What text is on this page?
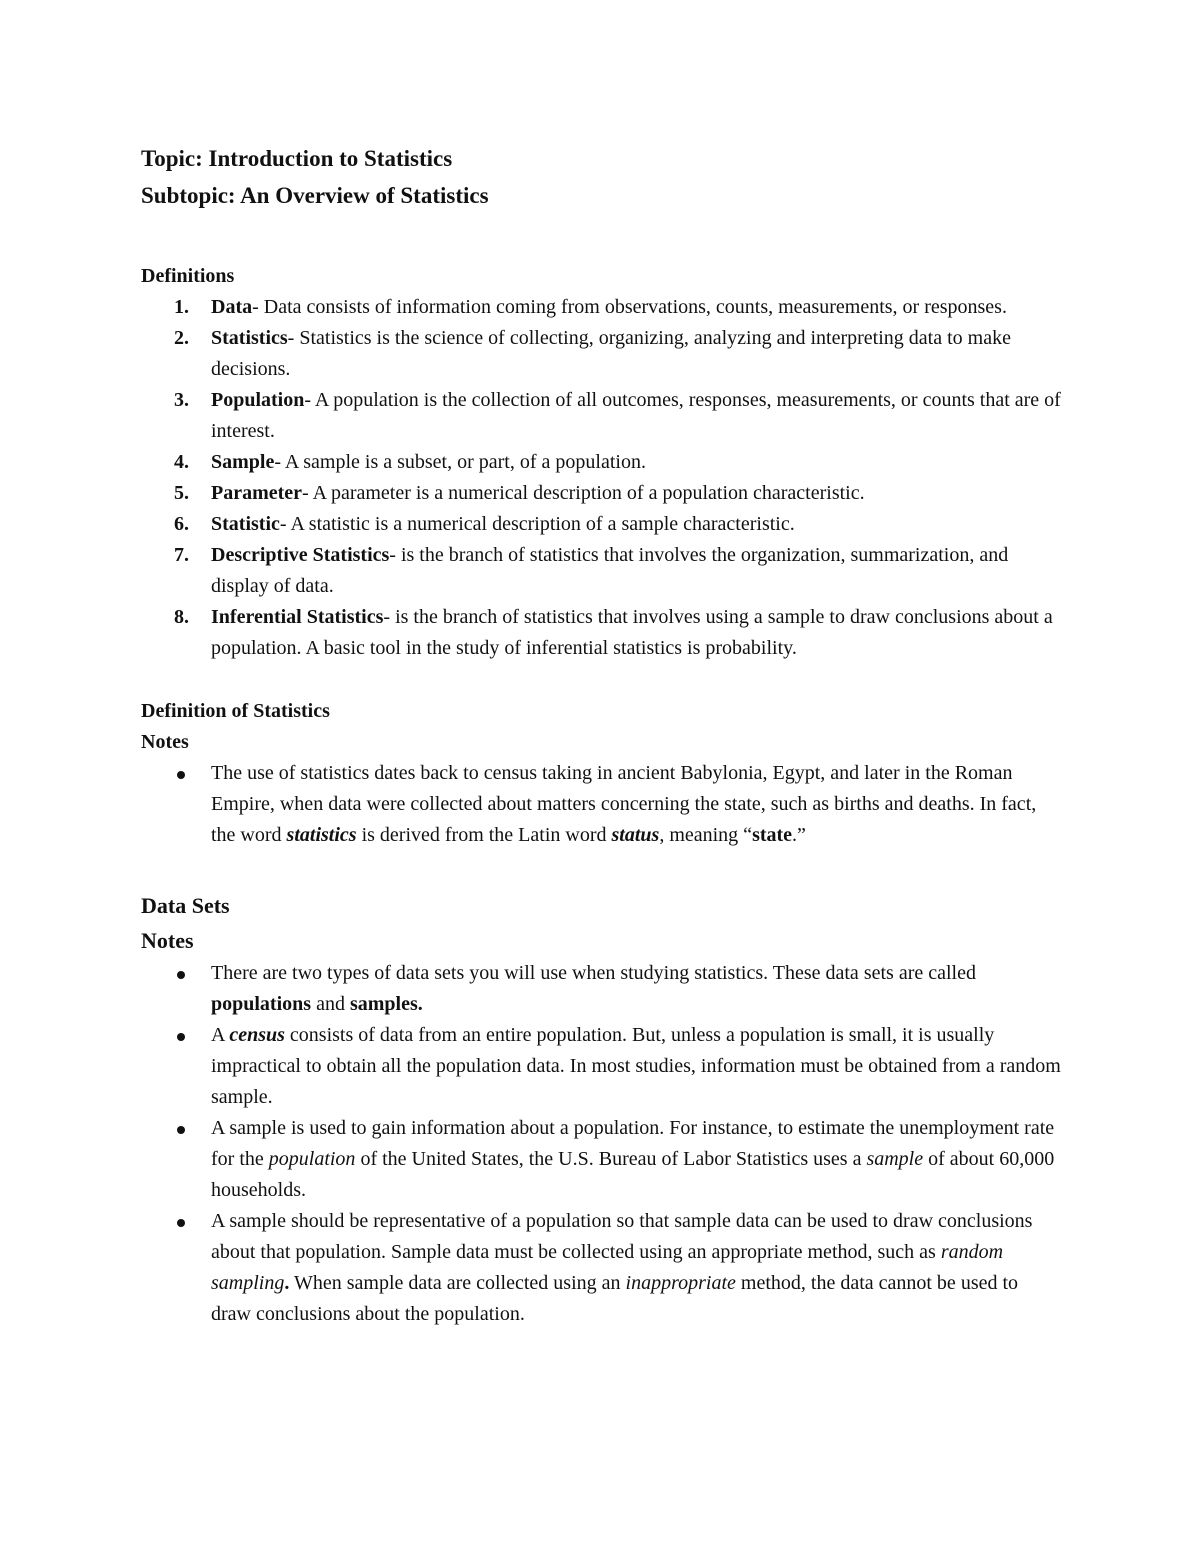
Topic: Introduction to Statistics

Subtopic: An Overview of Statistics

Definitions

1. Data- Data consists of information coming from observations, counts, measurements, or responses.
2. Statistics- Statistics is the science of collecting, organizing, analyzing and interpreting data to make decisions.
3. Population- A population is the collection of all outcomes, responses, measurements, or counts that are of interest.
4. Sample- A sample is a subset, or part, of a population.
5. Parameter- A parameter is a numerical description of a population characteristic.
6. Statistic- A statistic is a numerical description of a sample characteristic.
7. Descriptive Statistics- is the branch of statistics that involves the organization, summarization, and display of data.
8. Inferential Statistics- is the branch of statistics that involves using a sample to draw conclusions about a population. A basic tool in the study of inferential statistics is probability.

Definition of Statistics

Notes

The use of statistics dates back to census taking in ancient Babylonia, Egypt, and later in the Roman Empire, when data were collected about matters concerning the state, such as births and deaths. In fact, the word statistics is derived from the Latin word status, meaning “state.”

Data Sets

Notes

There are two types of data sets you will use when studying statistics. These data sets are called populations and samples.
A census consists of data from an entire population. But, unless a population is small, it is usually impractical to obtain all the population data. In most studies, information must be obtained from a random sample.
A sample is used to gain information about a population. For instance, to estimate the unemployment rate for the population of the United States, the U.S. Bureau of Labor Statistics uses a sample of about 60,000 households.
A sample should be representative of a population so that sample data can be used to draw conclusions about that population. Sample data must be collected using an appropriate method, such as random sampling. When sample data are collected using an inappropriate method, the data cannot be used to draw conclusions about the population.
